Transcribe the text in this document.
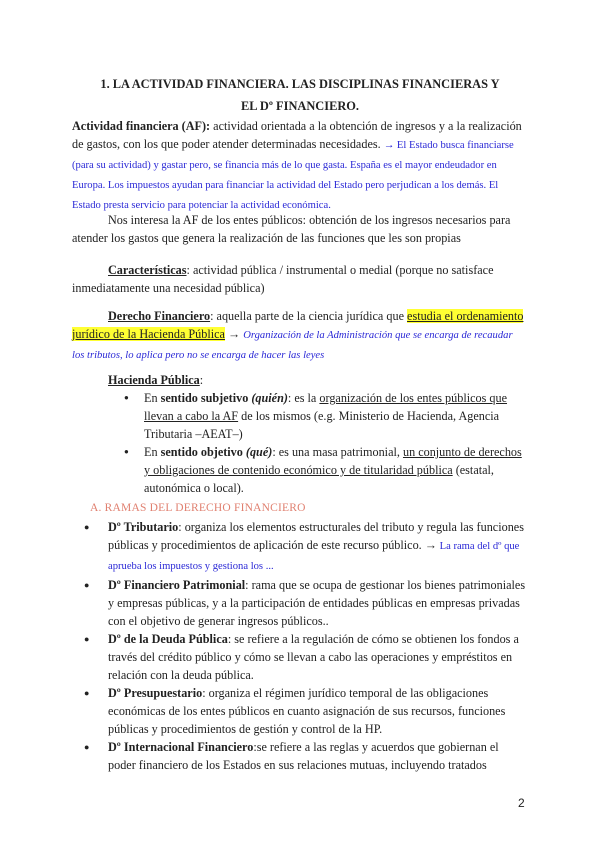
1. LA ACTIVIDAD FINANCIERA. LAS DISCIPLINAS FINANCIERAS Y EL Dº FINANCIERO.

Actividad financiera (AF): actividad orientada a la obtención de ingresos y a la realización de gastos, con los que poder atender determinadas necesidades. → El Estado busca financiarse (para su actividad) y gastar pero, se financia más de lo que gasta. España es el mayor endeudador en Europa. Los impuestos ayudan para financiar la actividad del Estado pero perjudican a los demás. El Estado presta servicio para potenciar la actividad económica.

Nos interesa la AF de los entes públicos: obtención de los ingresos necesarios para atender los gastos que genera la realización de las funciones que les son propias

Características: actividad pública / instrumental o medial (porque no satisface inmediatamente una necesidad pública)

Derecho Financiero: aquella parte de la ciencia jurídica que estudia el ordenamiento jurídico de la Hacienda Pública → Organización de la Administración que se encarga de recaudar los tributos, lo aplica pero no se encarga de hacer las leyes

Hacienda Pública:

● En sentido subjetivo (quién): es la organización de los entes públicos que llevan a cabo la AF de los mismos (e.g. Ministerio de Hacienda, Agencia Tributaria –AEAT–)
● En sentido objetivo (qué): es una masa patrimonial, un conjunto de derechos y obligaciones de contenido económico y de titularidad pública (estatal, autonómica o local).

A. RAMAS DEL DERECHO FINANCIERO

● Dº Tributario: organiza los elementos estructurales del tributo y regula las funciones públicas y procedimientos de aplicación de este recurso público. → La rama del dº que aprueba los impuestos y gestiona los ...
● Dº Financiero Patrimonial: rama que se ocupa de gestionar los bienes patrimoniales y empresas públicas, y a la participación de entidades públicas en empresas privadas con el objetivo de generar ingresos públicos..
● Dº de la Deuda Pública: se refiere a la regulación de cómo se obtienen los fondos a través del crédito público y cómo se llevan a cabo las operaciones y empréstitos en relación con la deuda pública.
● Dº Presupuestario: organiza el régimen jurídico temporal de las obligaciones económicas de los entes públicos en cuanto asignación de sus recursos, funciones públicas y procedimientos de gestión y control de la HP.
● Dº Internacional Financiero:se refiere a las reglas y acuerdos que gobiernan el poder financiero de los Estados en sus relaciones mutuas, incluyendo tratados

2
